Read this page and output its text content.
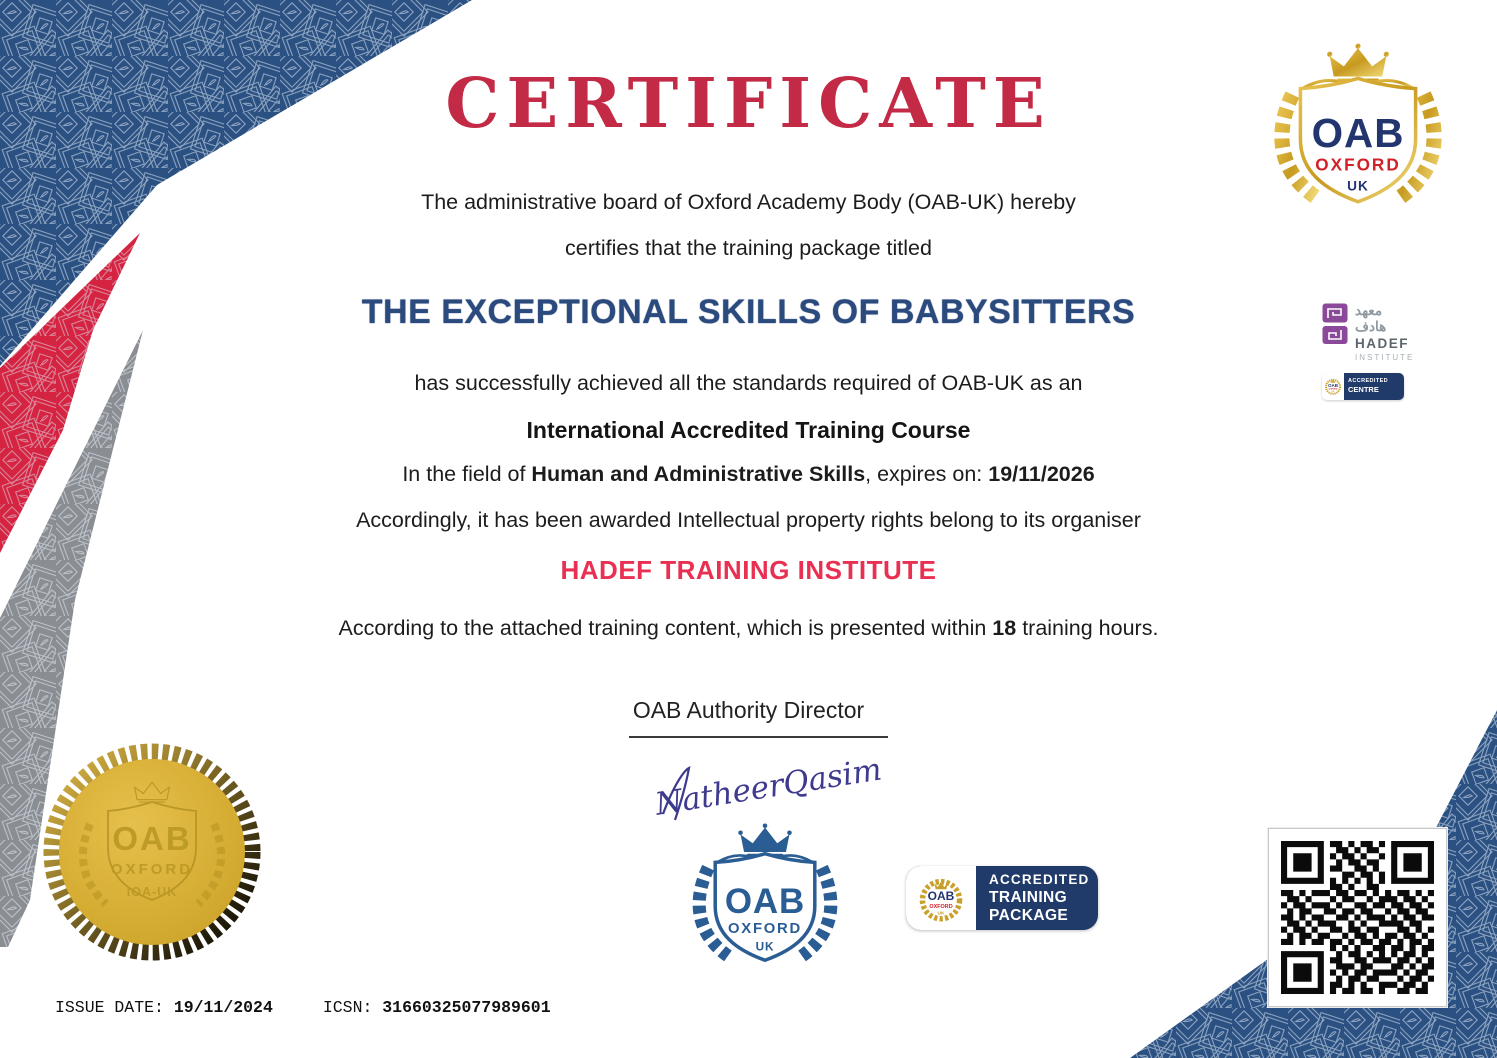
CERTIFICATE
The administrative board of Oxford Academy Body (OAB-UK) hereby
certifies that the training package titled
THE EXCEPTIONAL SKILLS OF BABYSITTERS
has successfully achieved all the standards required of OAB-UK as an
International Accredited Training Course
In the field of Human and Administrative Skills, expires on: 19/11/2026
Accordingly, it has been awarded Intellectual property rights belong to its organiser
HADEF TRAINING INSTITUTE
According to the attached training content, which is presented within 18 training hours.
OAB Authority Director
NatheerQasim
OAB
OXFORD
UK
معهد
هادف
HADEF
INSTITUTE
OAB
OXFORD
UK
ACCREDITED
CENTRE
OAB
OXFORD
UK
OAB
OXFORD
UK
ACCREDITED
TRAINING PACKAGE
OAB
OXFORD
IOA-UK
ISSUE DATE: 19/11/2024	ICSN: 31660325077989601
